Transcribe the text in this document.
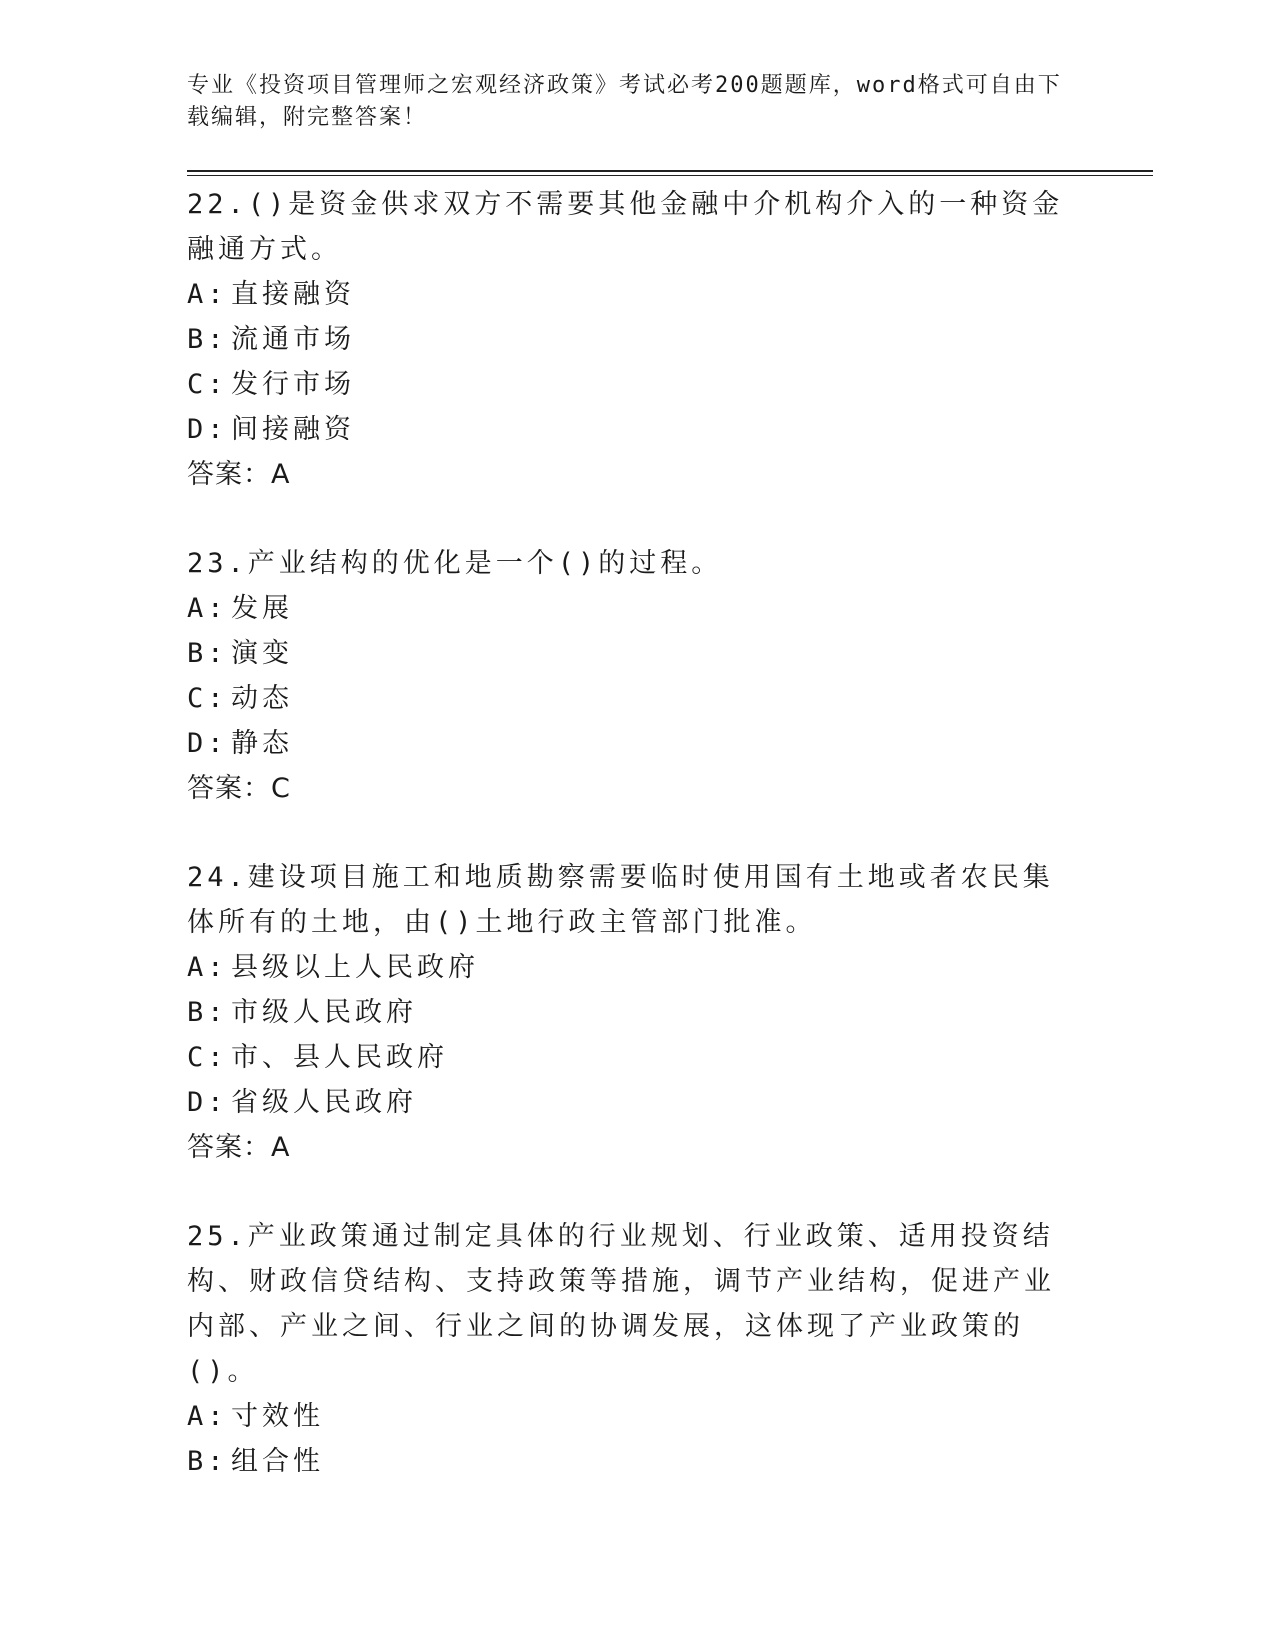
专业《投资项目管理师之宏观经济政策》考试必考200题题库，word格式可自由下载编辑，附完整答案！
22.()是资金供求双方不需要其他金融中介机构介入的一种资金融通方式。
A: 直接融资
B: 流通市场
C: 发行市场
D: 间接融资
答案：A
23.产业结构的优化是一个()的过程。
A: 发展
B: 演变
C: 动态
D: 静态
答案：C
24.建设项目施工和地质勘察需要临时使用国有土地或者农民集体所有的土地，由()土地行政主管部门批准。
A: 县级以上人民政府
B: 市级人民政府
C: 市、县人民政府
D: 省级人民政府
答案：A
25.产业政策通过制定具体的行业规划、行业政策、适用投资结构、财政信贷结构、支持政策等措施，调节产业结构，促进产业内部、产业之间、行业之间的协调发展，这体现了产业政策的()。
A: 寸效性
B: 组合性
